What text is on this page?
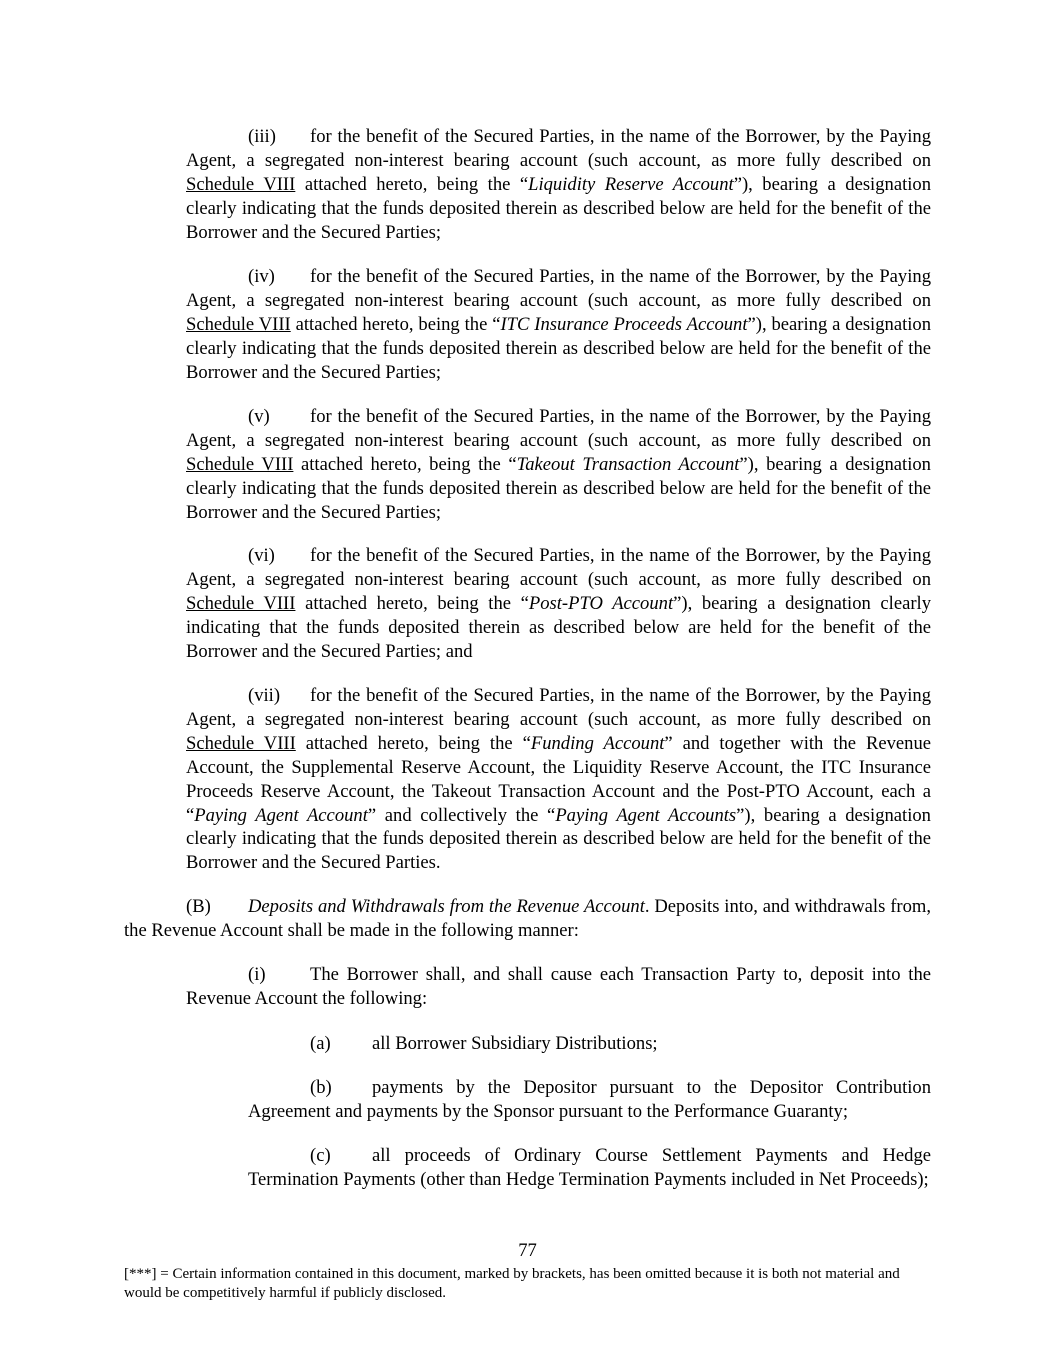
(iii) for the benefit of the Secured Parties, in the name of the Borrower, by the Paying Agent, a segregated non-interest bearing account (such account, as more fully described on Schedule VIII attached hereto, being the “Liquidity Reserve Account”), bearing a designation clearly indicating that the funds deposited therein as described below are held for the benefit of the Borrower and the Secured Parties;

(iv) for the benefit of the Secured Parties, in the name of the Borrower, by the Paying Agent, a segregated non-interest bearing account (such account, as more fully described on Schedule VIII attached hereto, being the “ITC Insurance Proceeds Account”), bearing a designation clearly indicating that the funds deposited therein as described below are held for the benefit of the Borrower and the Secured Parties;

(v) for the benefit of the Secured Parties, in the name of the Borrower, by the Paying Agent, a segregated non-interest bearing account (such account, as more fully described on Schedule VIII attached hereto, being the “Takeout Transaction Account”), bearing a designation clearly indicating that the funds deposited therein as described below are held for the benefit of the Borrower and the Secured Parties;

(vi) for the benefit of the Secured Parties, in the name of the Borrower, by the Paying Agent, a segregated non-interest bearing account (such account, as more fully described on Schedule VIII attached hereto, being the “Post-PTO Account”), bearing a designation clearly indicating that the funds deposited therein as described below are held for the benefit of the Borrower and the Secured Parties; and

(vii) for the benefit of the Secured Parties, in the name of the Borrower, by the Paying Agent, a segregated non-interest bearing account (such account, as more fully described on Schedule VIII attached hereto, being the “Funding Account” and together with the Revenue Account, the Supplemental Reserve Account, the Liquidity Reserve Account, the ITC Insurance Proceeds Reserve Account, the Takeout Transaction Account and the Post-PTO Account, each a “Paying Agent Account” and collectively the “Paying Agent Accounts”), bearing a designation clearly indicating that the funds deposited therein as described below are held for the benefit of the Borrower and the Secured Parties.

(B) Deposits and Withdrawals from the Revenue Account. Deposits into, and withdrawals from, the Revenue Account shall be made in the following manner:

(i) The Borrower shall, and shall cause each Transaction Party to, deposit into the Revenue Account the following:

(a) all Borrower Subsidiary Distributions;

(b) payments by the Depositor pursuant to the Depositor Contribution Agreement and payments by the Sponsor pursuant to the Performance Guaranty;

(c) all proceeds of Ordinary Course Settlement Payments and Hedge Termination Payments (other than Hedge Termination Payments included in Net Proceeds);

77
[***] = Certain information contained in this document, marked by brackets, has been omitted because it is both not material and would be competitively harmful if publicly disclosed.
